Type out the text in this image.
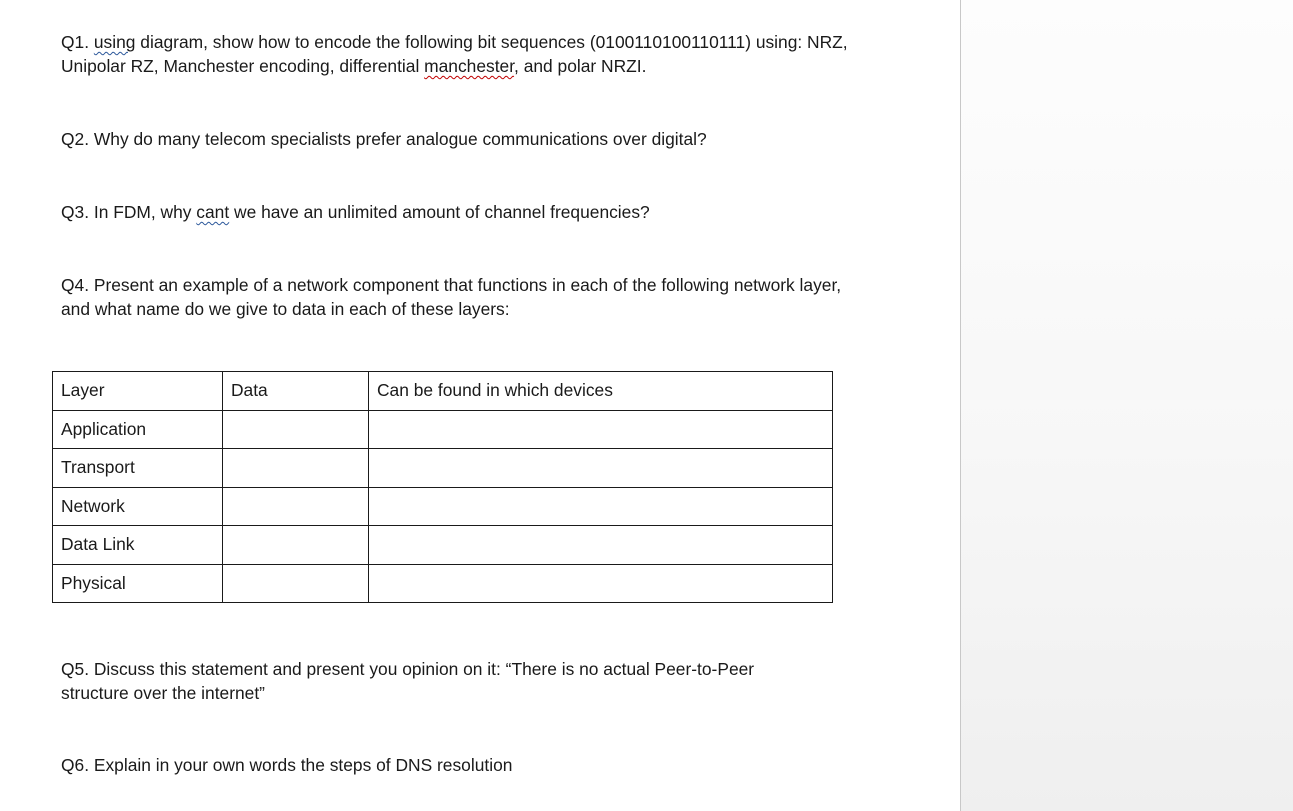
Q1. using diagram, show how to encode the following bit sequences (0100110100110111) using: NRZ, Unipolar RZ, Manchester encoding, differential manchester, and polar NRZI.

Q2. Why do many telecom specialists prefer analogue communications over digital?

Q3. In FDM, why cant we have an unlimited amount of channel frequencies?

Q4. Present an example of a network component that functions in each of the following network layer, and what name do we give to data in each of these layers:

Layer	Data	Can be found in which devices
Application		
Transport		
Network		
Data Link		
Physical		

Q5. Discuss this statement and present you opinion on it: “There is no actual Peer-to-Peer structure over the internet”

Q6. Explain in your own words the steps of DNS resolution
